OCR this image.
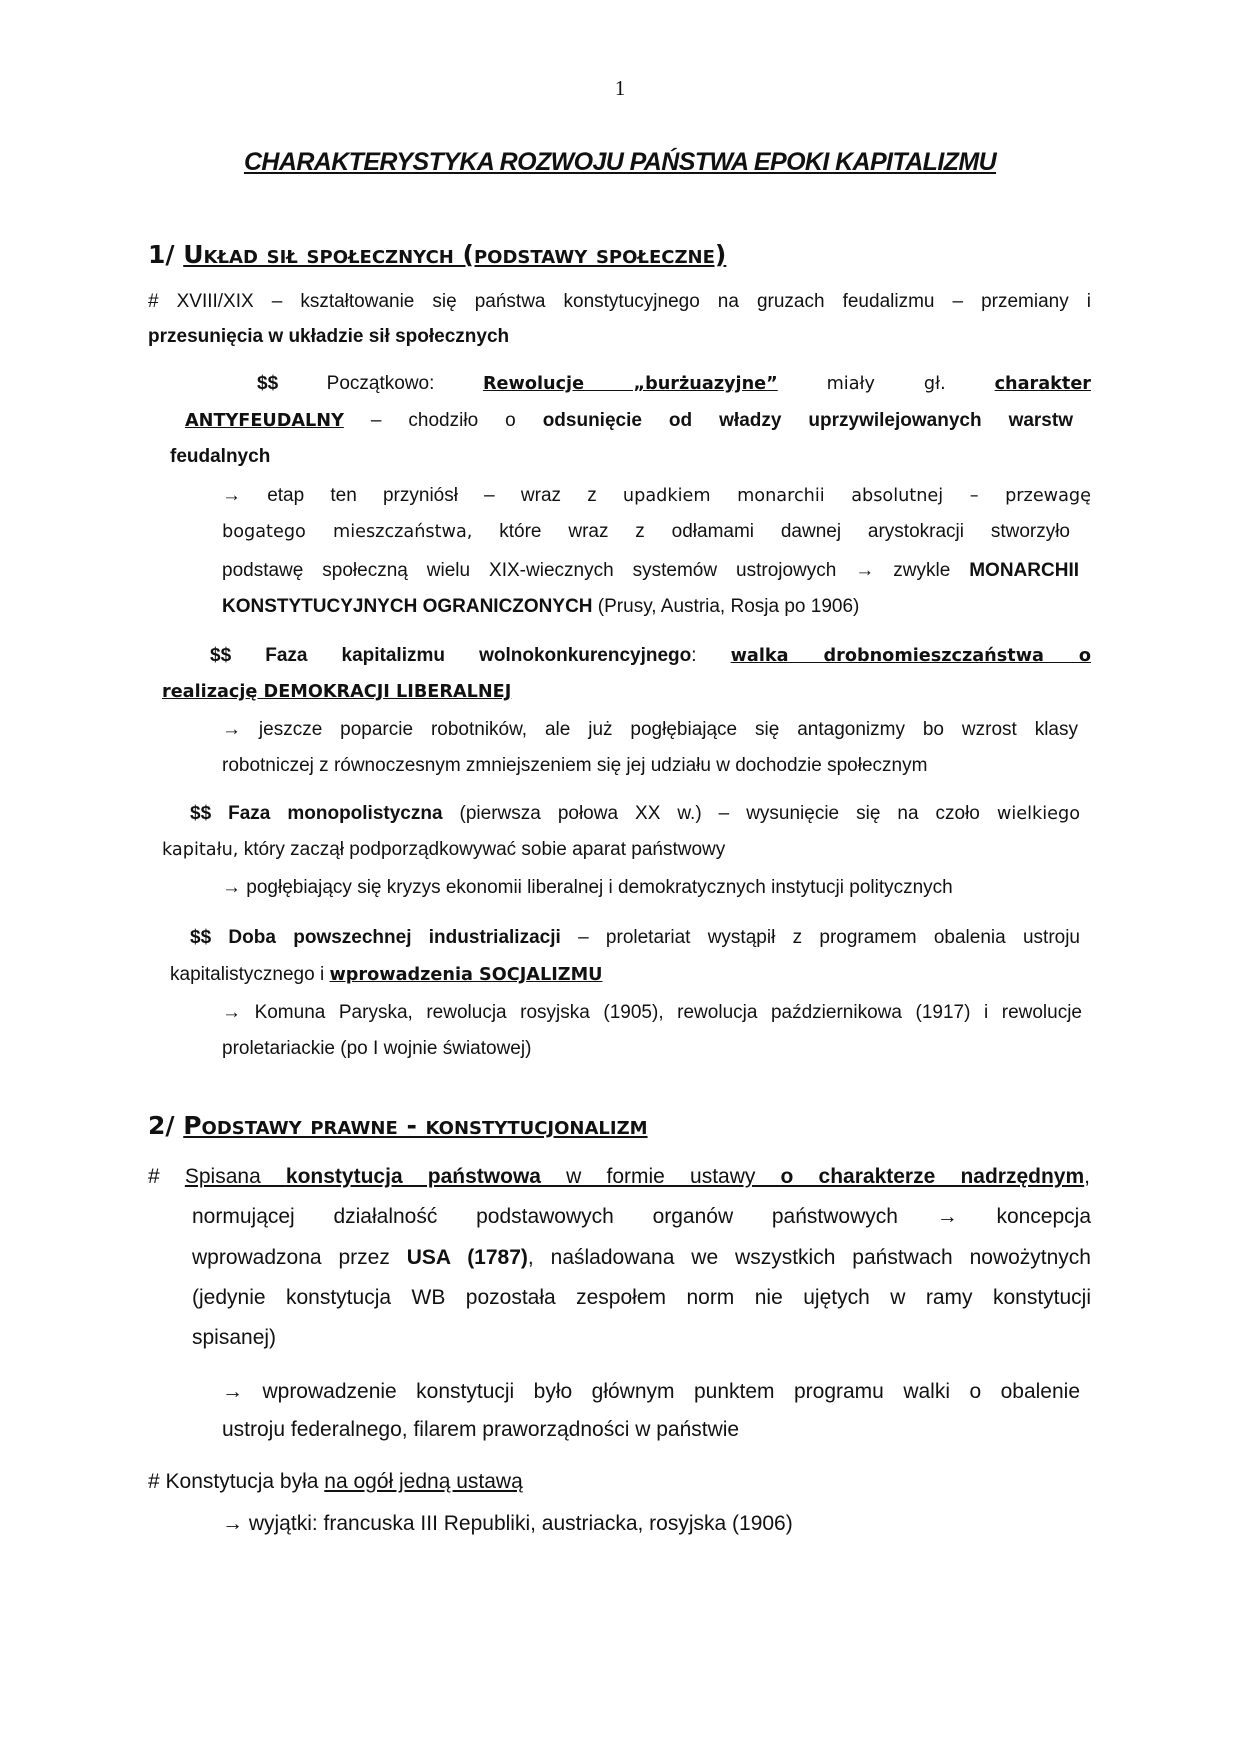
1
CHARAKTERYSTYKA ROZWOJU PAŃSTWA EPOKI KAPITALIZMU
1/ Układ sił społecznych (podstawy społeczne)
2/ Podstawy prawne - konstytucjonalizm
# XVIII/XIX – kształtowanie się państwa konstytucyjnego na gruzach feudalizmu – przemiany i
przesunięcia w układzie sił społecznych
$$ Początkowo: Rewolucje „burżuazyjne” miały gł. charakter
ANTYFEUDALNY – chodziło o odsunięcie od władzy uprzywilejowanych warstw
feudalnych
→ etap ten przyniósł – wraz z upadkiem monarchii absolutnej – przewagę
bogatego mieszczaństwa, które wraz z odłamami dawnej arystokracji stworzyło
podstawę społeczną wielu XIX-wiecznych systemów ustrojowych → zwykle MONARCHII
KONSTYTUCYJNYCH OGRANICZONYCH (Prusy, Austria, Rosja po 1906)
$$ Faza kapitalizmu wolnokonkurencyjnego: walka drobnomieszczaństwa o
realizację DEMOKRACJI LIBERALNEJ
→ jeszcze poparcie robotników, ale już pogłębiające się antagonizmy bo wzrost klasy
robotniczej z równoczesnym zmniejszeniem się jej udziału w dochodzie społecznym
$$ Faza monopolistyczna (pierwsza połowa XX w.) – wysunięcie się na czoło wielkiego
kapitału, który zaczął podporządkowywać sobie aparat państwowy
→ pogłębiający się kryzys ekonomii liberalnej i demokratycznych instytucji politycznych
$$ Doba powszechnej industrializacji – proletariat wystąpił z programem obalenia ustroju
kapitalistycznego i wprowadzenia SOCJALIZMU
→ Komuna Paryska, rewolucja rosyjska (1905), rewolucja październikowa (1917) i rewolucje
proletariackie (po I wojnie światowej)
# Spisana konstytucja państwowa w formie ustawy o charakterze nadrzędnym,
normującej działalność podstawowych organów państwowych → koncepcja
wprowadzona przez USA (1787), naśladowana we wszystkich państwach nowożytnych
(jedynie konstytucja WB pozostała zespołem norm nie ujętych w ramy konstytucji
spisanej)
→ wprowadzenie konstytucji było głównym punktem programu walki o obalenie
ustroju federalnego, filarem praworządności w państwie
# Konstytucja była na ogół jedną ustawą
→ wyjątki: francuska III Republiki, austriacka, rosyjska (1906)
